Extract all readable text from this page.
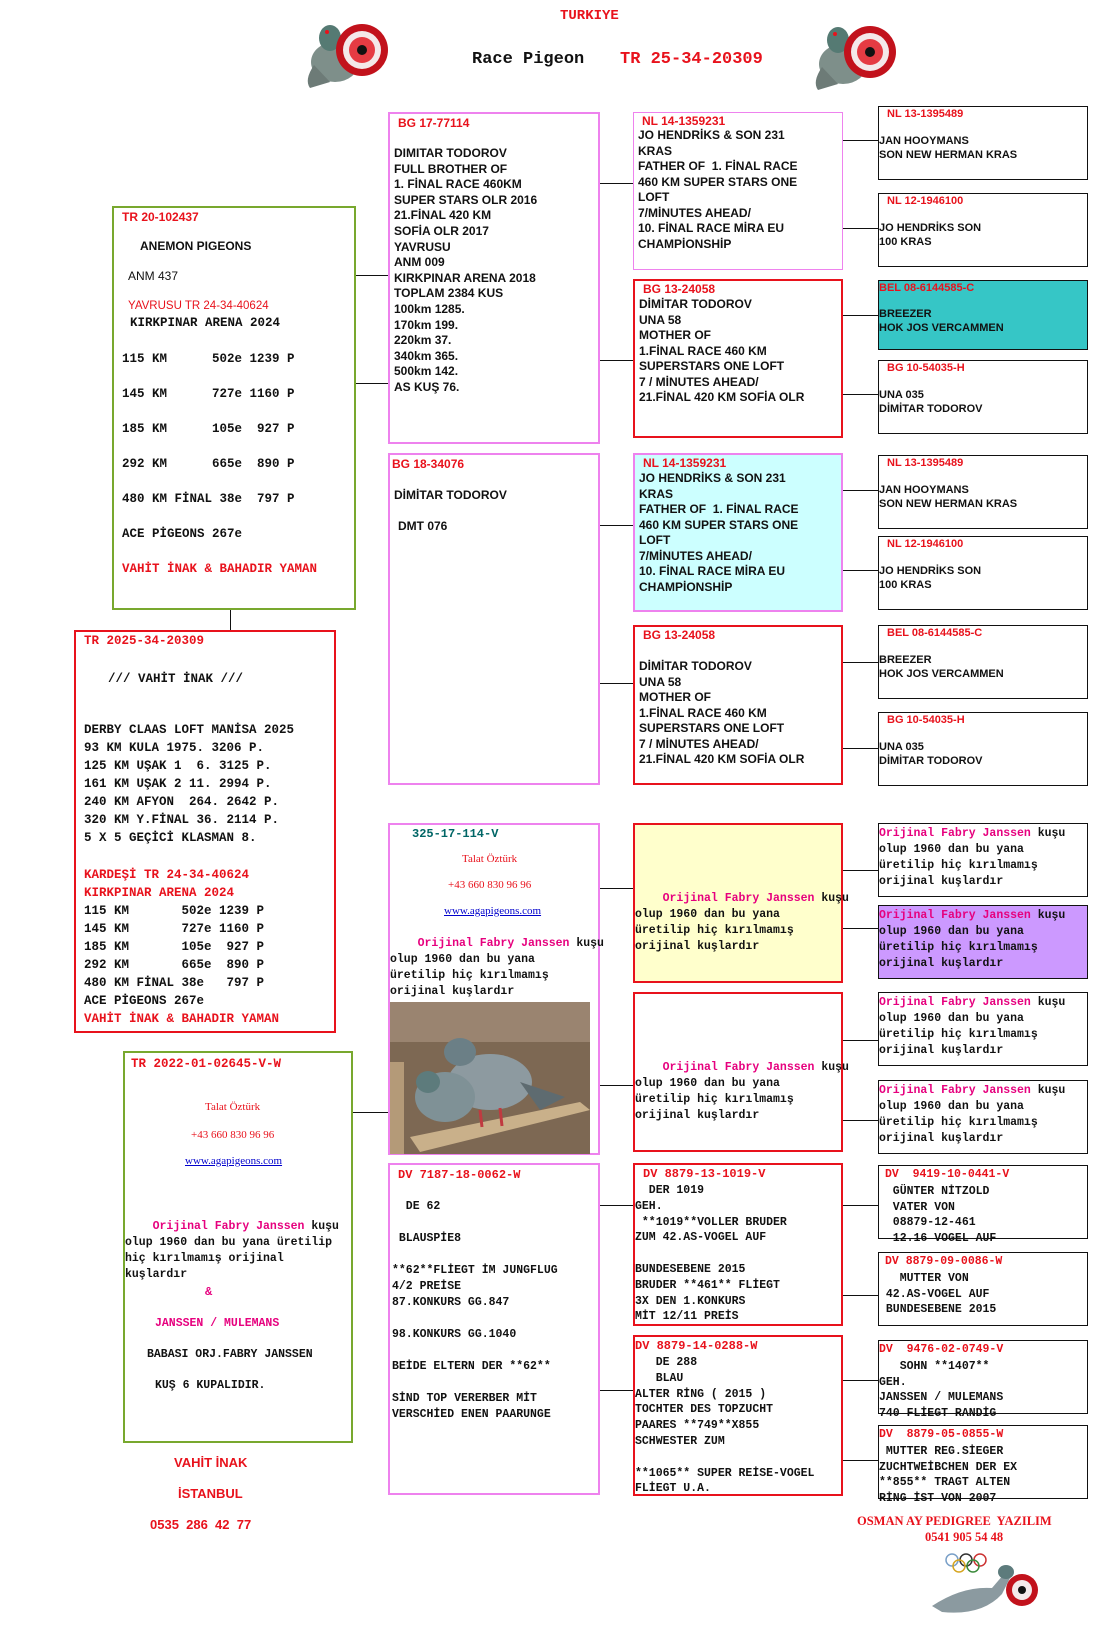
TURKIYE
Race Pigeon TR 25-34-20309
TR 20-102437
ANEMON PIGEONS
ANM 437
YAVRUSU TR 24-34-40624
KIRKPINAR ARENA 2024
115 KM      502e 1239 P
145 KM      727e 1160 P
185 KM      105e  927 P
292 KM      665e  890 P
480 KM FİNAL 38e  797 P
ACE PİGEONS 267e
VAHİT İNAK & BAHADIR YAMAN
TR 2025-34-20309
/// VAHİT İNAK ///
DERBY CLAAS LOFT MANİSA 2025
93 KM KULA 1975. 3206 P.
125 KM UŞAK 1  6. 3125 P.
161 KM UŞAK 2 11. 2994 P.
240 KM AFYON  264. 2642 P.
320 KM Y.FİNAL 36. 2114 P.
5 X 5 GEÇİCİ KLASMAN 8.
KARDEŞİ TR 24-34-40624
KIRKPINAR ARENA 2024
115 KM       502e 1239 P
145 KM       727e 1160 P
185 KM       105e  927 P
292 KM       665e  890 P
480 KM FİNAL 38e   797 P
ACE PİGEONS 267e
VAHİT İNAK & BAHADIR YAMAN
TR 2022-01-02645-V-W
Talat Öztürk
+43 660 830 96 96
www.agapigeons.com

Orijinal Fabry Janssen kuşu
olup 1960 dan bu yana üretilip
hiç kırılmamış orijinal
kuşlardır

&
JANSSEN / MULEMANS
BABASI ORJ.FABRY JANSSEN
KUŞ 6 KUPALIDIR.
VAHİT İNAK
İSTANBUL
0535  286  42  77
BG 17-77114
DIMITAR TODOROV
FULL BROTHER OF
1. FİNAL RACE 460KM
SUPER STARS OLR 2016
21.FİNAL 420 KM
SOFİA OLR 2017
YAVRUSU
ANM 009
KIRKPINAR ARENA 2018
TOPLAM 2384 KUS
100km 1285.
170km 199.
220km 37.
340km 365.
500km 142.
AS KUŞ 76.
BG 18-34076
DİMİTAR TODOROV
DMT 076
325-17-114-V
Talat Öztürk
+43 660 830 96 96
www.agapigeons.com

Orijinal Fabry Janssen kuşu
olup 1960 dan bu yana
üretilip hiç kırılmamış
orijinal kuşlardır

DV 7187-18-0062-W
DE 62

BLAUSPİE8

**62**FLİEGT İM JUNGFLUG
4/2 PREİSE
87.KONKURS GG.847

98.KONKURS GG.1040

BEİDE ELTERN DER **62**

SİND TOP VERERBER MİT
VERSCHİED ENEN PAARUNGE
NL 14-1359231
JO HENDRİKS & SON 231
KRAS
FATHER OF  1. FİNAL RACE
460 KM SUPER STARS ONE
LOFT
7/MİNUTES AHEAD/
10. FİNAL RACE MİRA EU
CHAMPİONSHİP
BG 13-24058
DİMİTAR TODOROV
UNA 58
MOTHER OF
1.FİNAL RACE 460 KM
SUPERSTARS ONE LOFT
7 / MİNUTES AHEAD/
21.FİNAL 420 KM SOFİA OLR
NL 14-1359231
JO HENDRİKS & SON 231
KRAS
FATHER OF  1. FİNAL RACE
460 KM SUPER STARS ONE
LOFT
7/MİNUTES AHEAD/
10. FİNAL RACE MİRA EU
CHAMPİONSHİP
BG 13-24058
DİMİTAR TODOROV
UNA 58
MOTHER OF
1.FİNAL RACE 460 KM
SUPERSTARS ONE LOFT
7 / MİNUTES AHEAD/
21.FİNAL 420 KM SOFİA OLR

Orijinal Fabry Janssen kuşu
olup 1960 dan bu yana
üretilip hiç kırılmamış
orijinal kuşlardır

Orijinal Fabry Janssen kuşu
olup 1960 dan bu yana
üretilip hiç kırılmamış
orijinal kuşlardır

DV 8879-13-1019-V
DER 1019
GEH.
**1019**VOLLER BRUDER
ZUM 42.AS-VOGEL AUF

BUNDESEBENE 2015
BRUDER **461** FLİEGT
3X DEN 1.KONKURS
MİT 12/11 PREİS
DV 8879-14-0288-W
DE 288
BLAU
ALTER RİNG ( 2015 )
TOCHTER DES TOPZUCHT
PAARES **749**X855
SCHWESTER ZUM

**1065** SUPER REİSE-VOGEL
FLİEGT U.A.
NL 13-1395489
JAN HOOYMANS
SON NEW HERMAN KRAS
NL 12-1946100
JO HENDRİKS SON
100 KRAS
BEL 08-6144585-C
BREEZER
HOK JOS VERCAMMEN
BG 10-54035-H
UNA 035
DİMİTAR TODOROV
NL 13-1395489
JAN HOOYMANS
SON NEW HERMAN KRAS
NL 12-1946100
JO HENDRİKS SON
100 KRAS
BEL 08-6144585-C
BREEZER
HOK JOS VERCAMMEN
BG 10-54035-H
UNA 035
DİMİTAR TODOROV
Orijinal Fabry Janssen kuşu
olup 1960 dan bu yana
üretilip hiç kırılmamış
orijinal kuşlardır
Orijinal Fabry Janssen kuşu
olup 1960 dan bu yana
üretilip hiç kırılmamış
orijinal kuşlardır
Orijinal Fabry Janssen kuşu
olup 1960 dan bu yana
üretilip hiç kırılmamış
orijinal kuşlardır
Orijinal Fabry Janssen kuşu
olup 1960 dan bu yana
üretilip hiç kırılmamış
orijinal kuşlardır
DV  9419-10-0441-V
GÜNTER NİTZOLD
VATER VON
08879-12-461
12.16 VOGEL AUF
DV 8879-09-0086-W
MUTTER VON
42.AS-VOGEL AUF
BUNDESEBENE 2015
DV  9476-02-0749-V
SOHN **1407**
GEH.
JANSSEN / MULEMANS
740 FLİEGT RANDİG
DV  8879-05-0855-W
MUTTER REG.SİEGER
ZUCHTWEİBCHEN DER EX
**855** TRAGT ALTEN
RİNG İST VON 2007
OSMAN AY PEDIGREE  YAZILIM
0541 905 54 48
